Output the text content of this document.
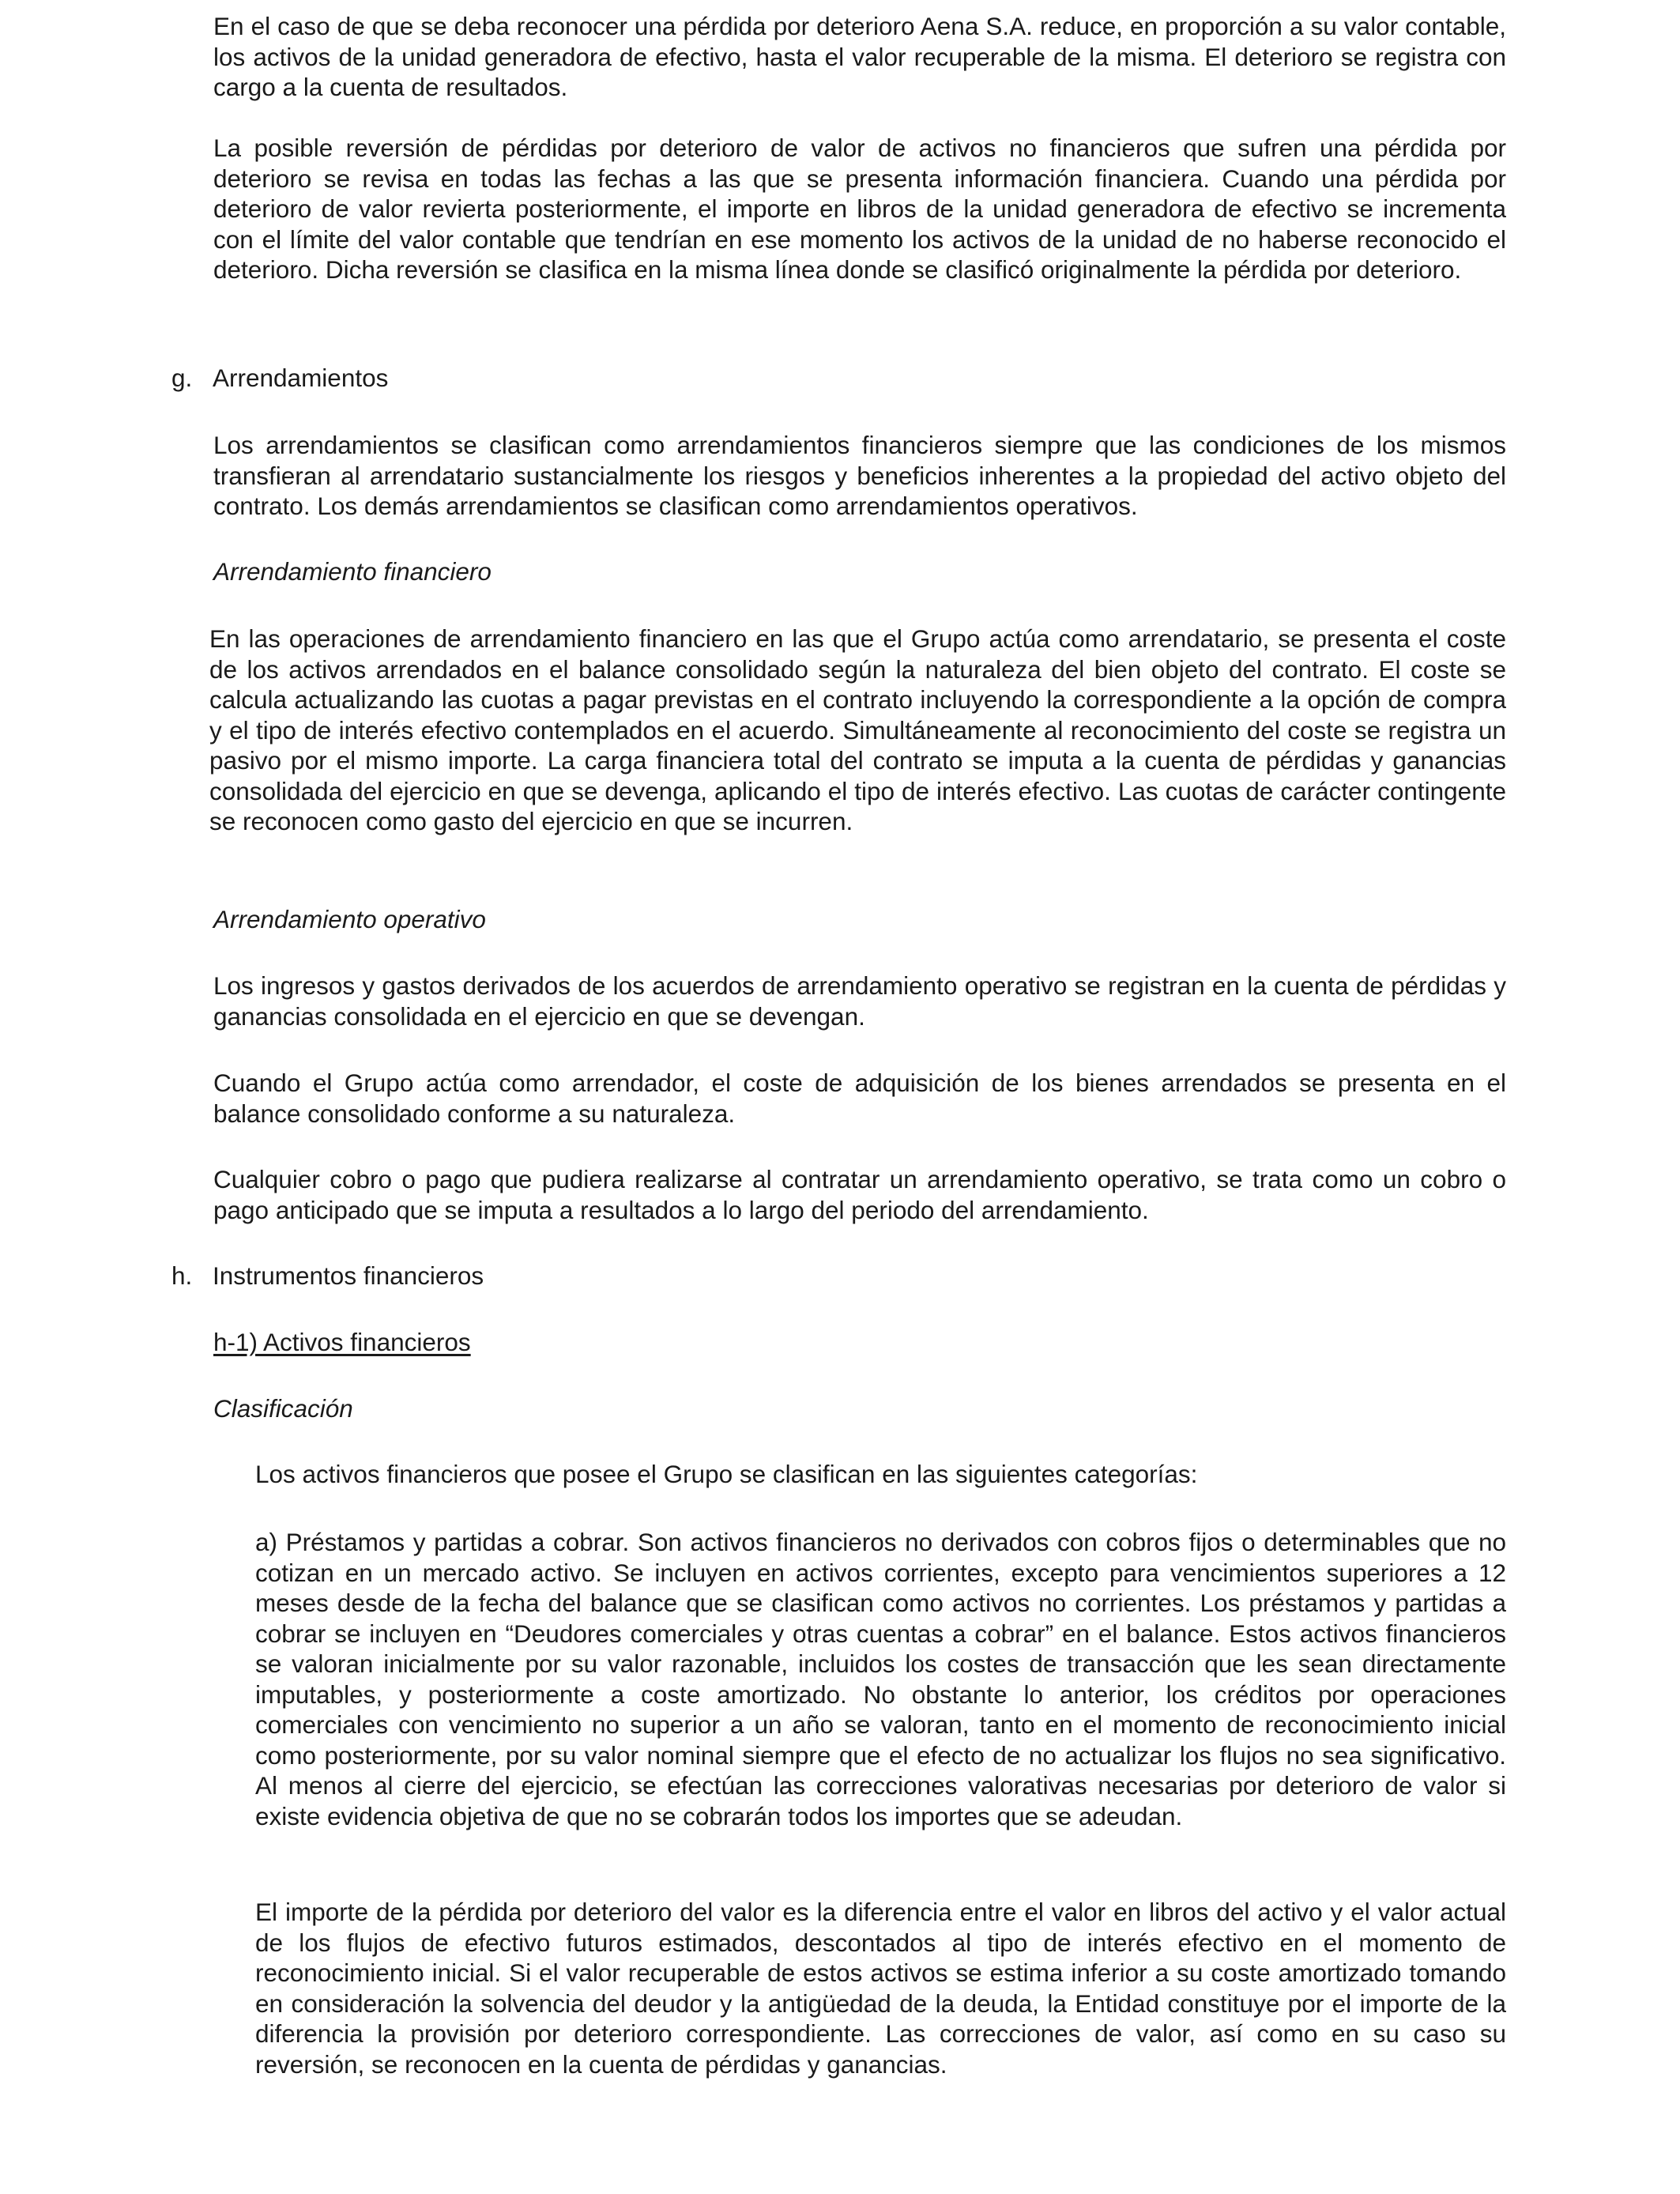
En el caso de que se deba reconocer una pérdida por deterioro Aena S.A. reduce, en proporción a su valor contable, los activos de la unidad generadora de efectivo, hasta el valor recuperable de la misma. El deterioro se registra con cargo a la cuenta de resultados.

La posible reversión de pérdidas por deterioro de valor de activos no financieros que sufren una pérdida por deterioro se revisa en todas las fechas a las que se presenta información financiera. Cuando una pérdida por deterioro de valor revierta posteriormente, el importe en libros de la unidad generadora de efectivo se incrementa con el límite del valor contable que tendrían en ese momento los activos de la unidad de no haberse reconocido el deterioro. Dicha reversión se clasifica en la misma línea donde se clasificó originalmente la pérdida por deterioro.

g. Arrendamientos

Los arrendamientos se clasifican como arrendamientos financieros siempre que las condiciones de los mismos transfieran al arrendatario sustancialmente los riesgos y beneficios inherentes a la propiedad del activo objeto del contrato. Los demás arrendamientos se clasifican como arrendamientos operativos.

Arrendamiento financiero

En las operaciones de arrendamiento financiero en las que el Grupo actúa como arrendatario, se presenta el coste de los activos arrendados en el balance consolidado según la naturaleza del bien objeto del contrato. El coste se calcula actualizando las cuotas a pagar previstas en el contrato incluyendo la correspondiente a la opción de compra y el tipo de interés efectivo contemplados en el acuerdo. Simultáneamente al reconocimiento del coste se registra un pasivo por el mismo importe. La carga financiera total del contrato se imputa a la cuenta de pérdidas y ganancias consolidada del ejercicio en que se devenga, aplicando el tipo de interés efectivo. Las cuotas de carácter contingente se reconocen como gasto del ejercicio en que se incurren.

Arrendamiento operativo

Los ingresos y gastos derivados de los acuerdos de arrendamiento operativo se registran en la cuenta de pérdidas y ganancias consolidada en el ejercicio en que se devengan.

Cuando el Grupo actúa como arrendador, el coste de adquisición de los bienes arrendados se presenta en el balance consolidado conforme a su naturaleza.

Cualquier cobro o pago que pudiera realizarse al contratar un arrendamiento operativo, se trata como un cobro o pago anticipado que se imputa a resultados a lo largo del periodo del arrendamiento.

h. Instrumentos financieros
h-1) Activos financieros
Clasificación

Los activos financieros que posee el Grupo se clasifican en las siguientes categorías:

a) Préstamos y partidas a cobrar. Son activos financieros no derivados con cobros fijos o determinables que no cotizan en un mercado activo. Se incluyen en activos corrientes, excepto para vencimientos superiores a 12 meses desde de la fecha del balance que se clasifican como activos no corrientes. Los préstamos y partidas a cobrar se incluyen en “Deudores comerciales y otras cuentas a cobrar” en el balance. Estos activos financieros se valoran inicialmente por su valor razonable, incluidos los costes de transacción que les sean directamente imputables, y posteriormente a coste amortizado. No obstante lo anterior, los créditos por operaciones comerciales con vencimiento no superior a un año se valoran, tanto en el momento de reconocimiento inicial como posteriormente, por su valor nominal siempre que el efecto de no actualizar los flujos no sea significativo. Al menos al cierre del ejercicio, se efectúan las correcciones valorativas necesarias por deterioro de valor si existe evidencia objetiva de que no se cobrarán todos los importes que se adeudan.

El importe de la pérdida por deterioro del valor es la diferencia entre el valor en libros del activo y el valor actual de los flujos de efectivo futuros estimados, descontados al tipo de interés efectivo en el momento de reconocimiento inicial. Si el valor recuperable de estos activos se estima inferior a su coste amortizado tomando en consideración la solvencia del deudor y la antigüedad de la deuda, la Entidad constituye por el importe de la diferencia la provisión por deterioro correspondiente. Las correcciones de valor, así como en su caso su reversión, se reconocen en la cuenta de pérdidas y ganancias.
